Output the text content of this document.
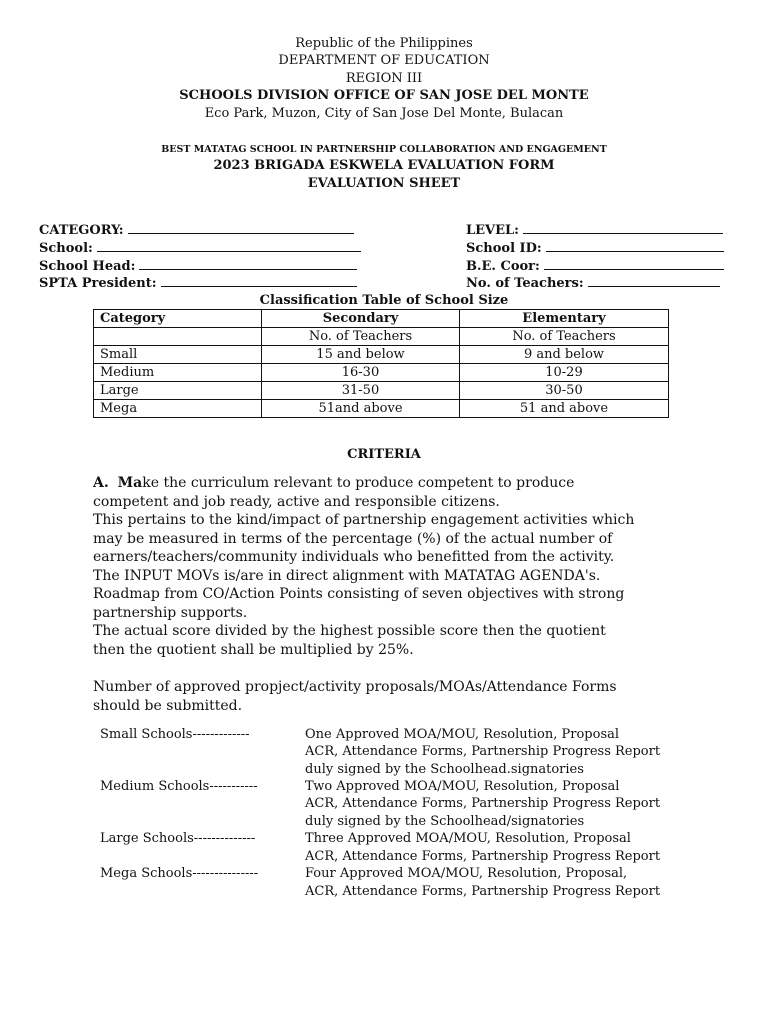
Republic of the Philippines
DEPARTMENT OF EDUCATION
REGION III
SCHOOLS DIVISION OFFICE OF SAN JOSE DEL MONTE
Eco Park, Muzon, City of San Jose Del Monte, Bulacan
BEST MATATAG SCHOOL IN PARTNERSHIP COLLABORATION AND ENGAGEMENT
2023 BRIGADA ESKWELA EVALUATION FORM
EVALUATION SHEET
CATEGORY:	LEVEL:
School:	School ID:
School Head:	B.E. Coor:
SPTA President:	No. of Teachers:
Classification Table of School Size
Category	Secondary	Elementary
	No. of Teachers	No. of Teachers
Small	15 and below	9 and below
Medium	16-30	10-29
Large	31-50	30-50
Mega	51and above	51 and above
CRITERIA
A. Make the curriculum relevant to produce competent to produce
competent and job ready, active and responsible citizens.
This pertains to the kind/impact of partnership engagement activities which
may be measured in terms of the percentage (%) of the actual number of
earners/teachers/community individuals who benefitted from the activity.
The INPUT MOVs is/are in direct alignment with MATATAG AGENDA's.
Roadmap from CO/Action Points consisting of seven objectives with strong
partnership supports.
The actual score divided by the highest possible score then the quotient
then the quotient shall be multiplied by 25%.
Number of approved propject/activity proposals/MOAs/Attendance Forms
should be submitted.
Small Schools-------------	One Approved MOA/MOU, Resolution, Proposal
ACR, Attendance Forms, Partnership Progress Report
duly signed by the Schoolhead.signatories
Medium Schools-----------	Two Approved MOA/MOU, Resolution, Proposal
ACR, Attendance Forms, Partnership Progress Report
duly signed by the Schoolhead/signatories
Large Schools--------------	Three Approved MOA/MOU, Resolution, Proposal
ACR, Attendance Forms, Partnership Progress Report
Mega Schools---------------	Four Approved MOA/MOU, Resolution, Proposal,
ACR, Attendance Forms, Partnership Progress Report
